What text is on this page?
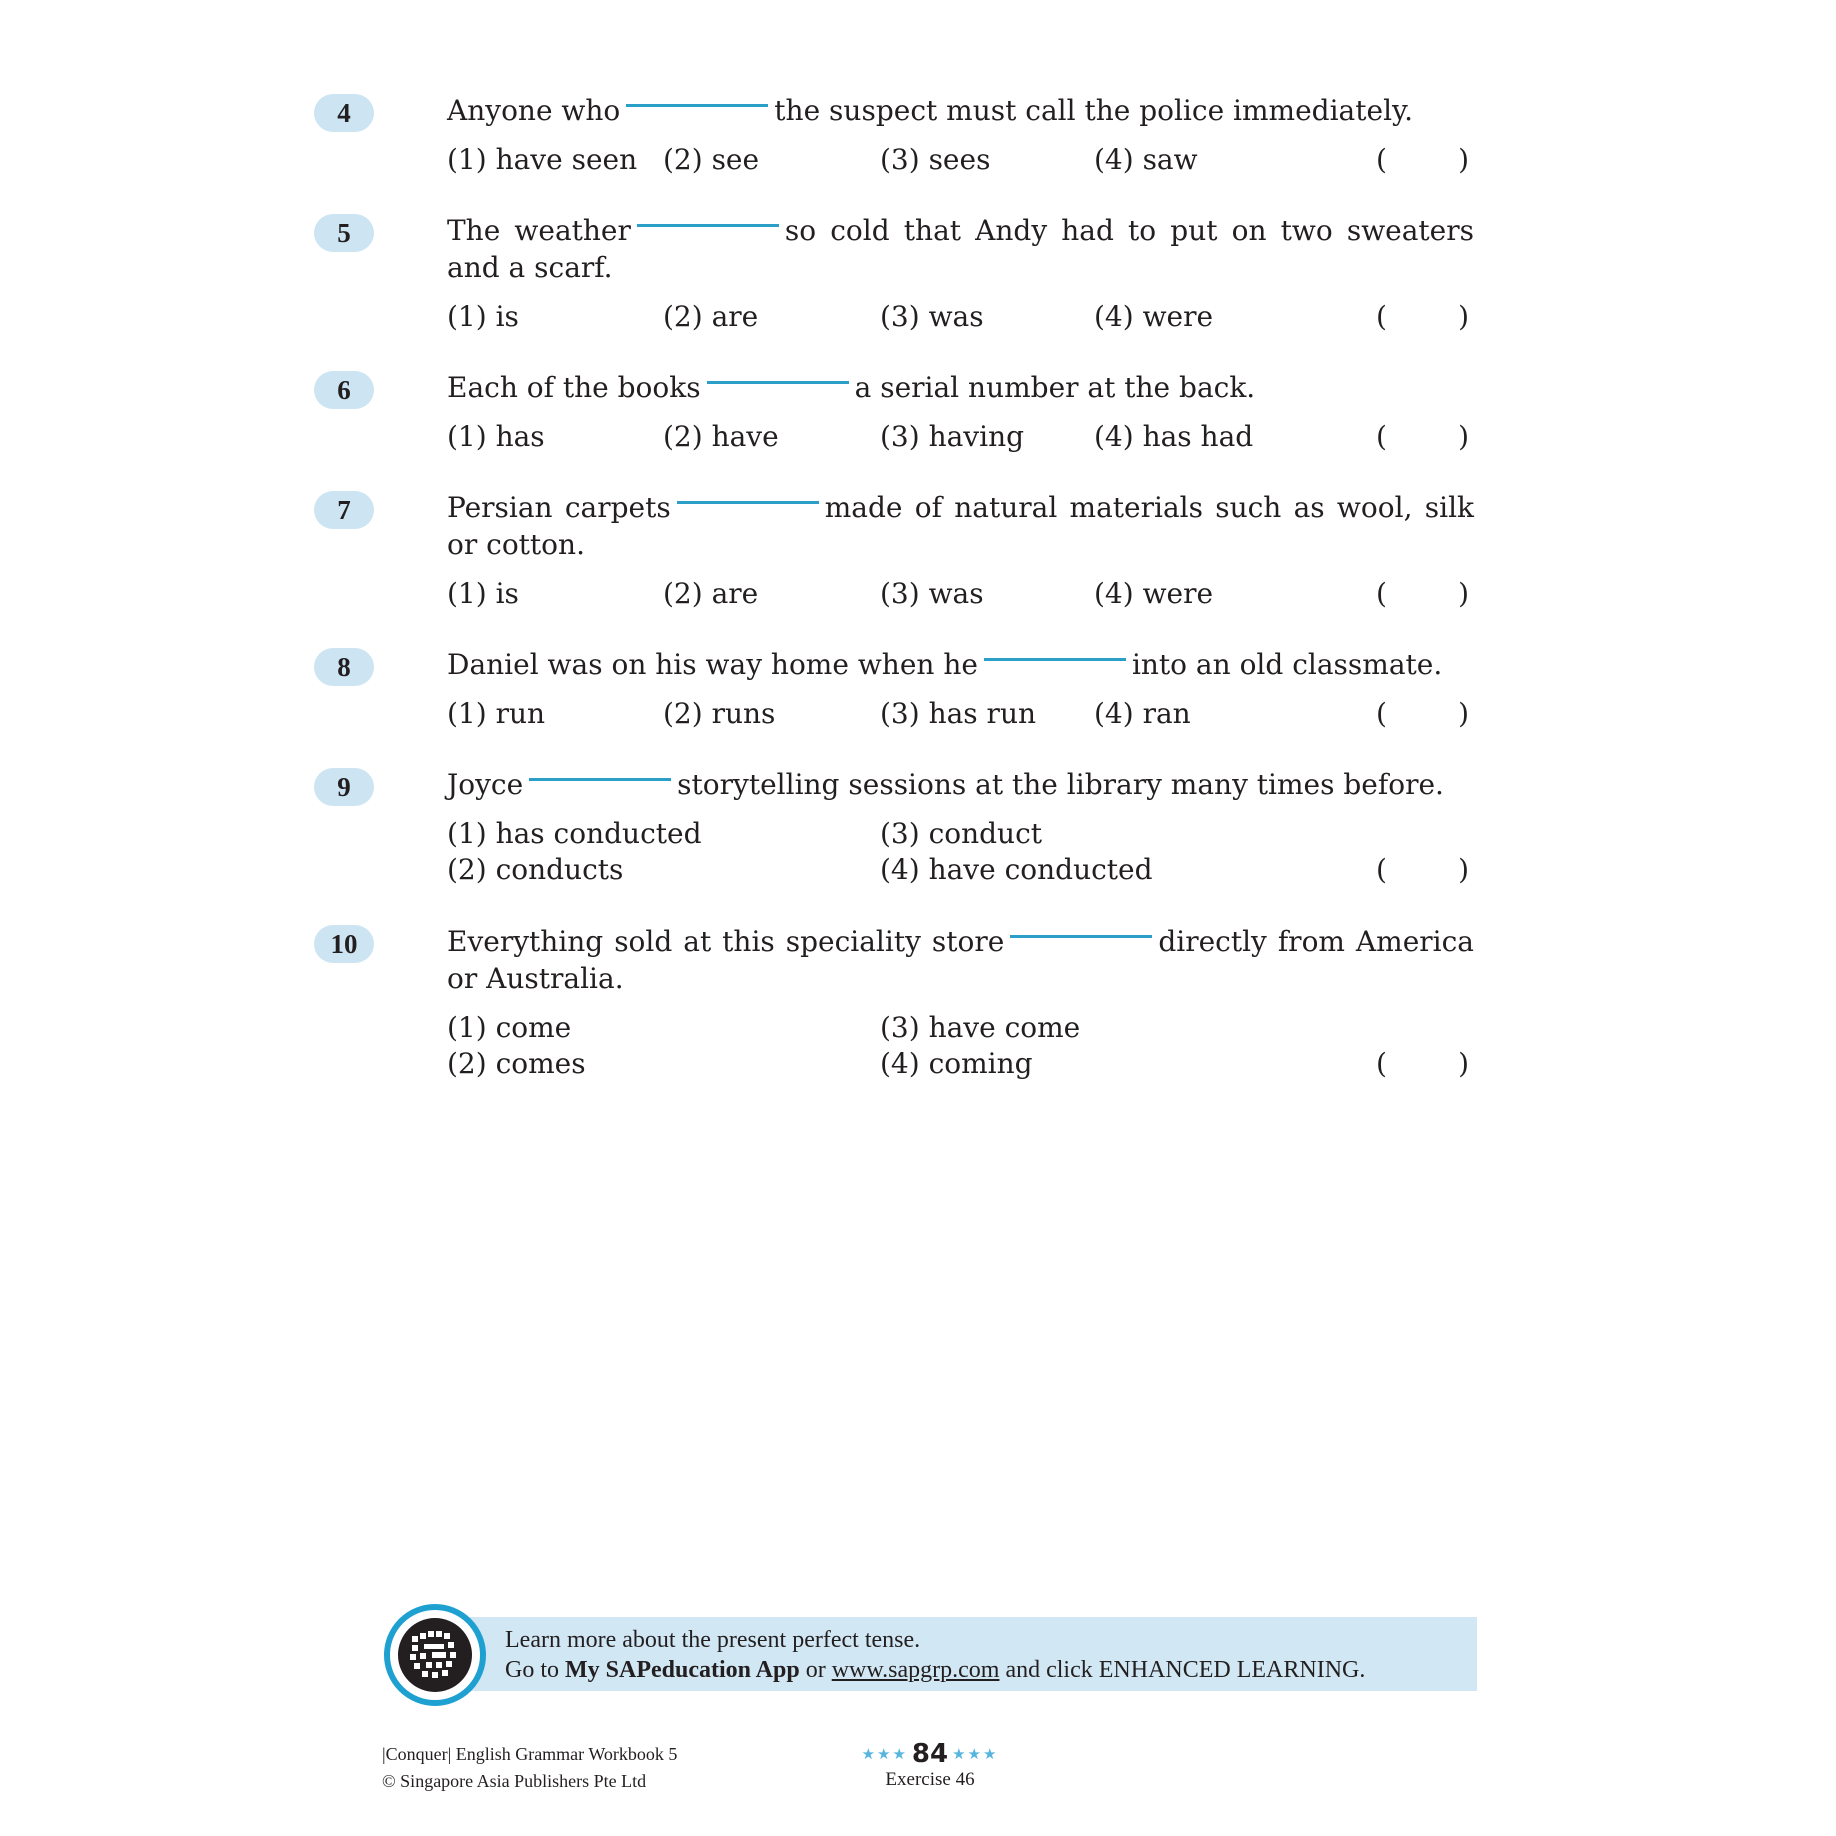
4	Anyone who	the suspect must call the police immediately.
(1) have seen (2) see	(3) sees	(4) saw	(        )
5	The weather	so cold that Andy had to put on two sweaters and a scarf.
(1) is	(2) are	(3) was	(4) were	(        )
6	Each of the books	a serial number at the back.
(1) has	(2) have	(3) having (4) has had	(        )
7	Persian carpets	made of natural materials such as wool, silk or cotton.
(1) is	(2) are	(3) was	(4) were	(        )
8	Daniel was on his way home when he	into an old classmate.
(1) run	(2) runs	(3) has run (4) ran	(        )
9	Joyce	storytelling sessions at the library many times before.
(1) has conducted	(3) conduct
(2) conducts	(4) have conducted	(        )
10	Everything sold at this speciality store	directly from America or Australia.
(1) come	(3) have come
(2) comes	(4) coming	(        )
Learn more about the present perfect tense.
Go to My SAPeducation App or www.sapgrp.com and click ENHANCED LEARNING.
|Conquer| English Grammar Workbook 5
© Singapore Asia Publishers Pte Ltd
★★★ 84 ★★★
Exercise 46
